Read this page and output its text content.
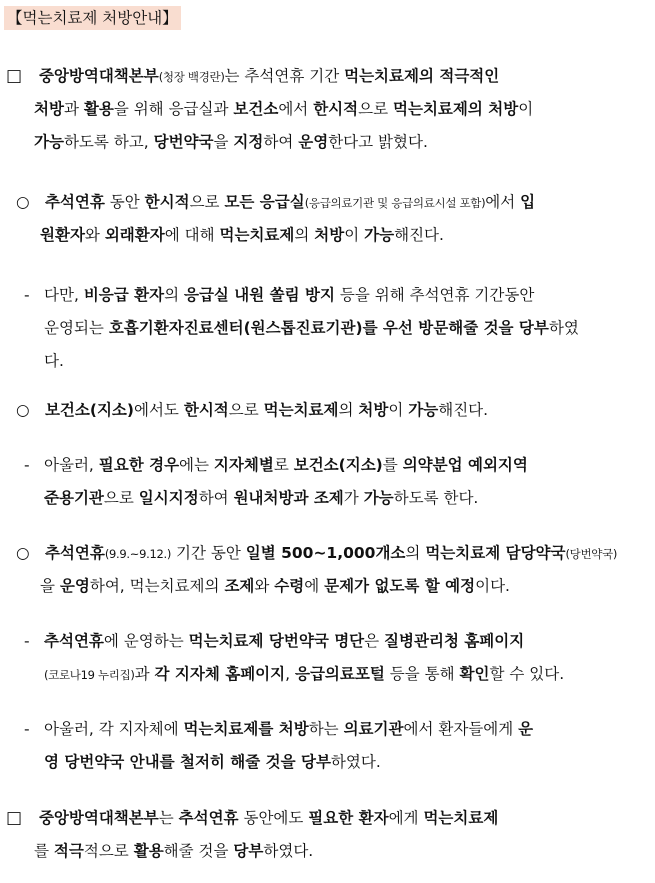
【먹는치료제 처방안내】
□ 중앙방역대책본부(청장 백경란)는 추석연휴 기간 먹는치료제의 적극적인
처방과 활용을 위해 응급실과 보건소에서 한시적으로 먹는치료제의 처방이
가능하도록 하고, 당번약국을 지정하여 운영한다고 밝혔다.
○ 추석연휴 동안 한시적으로 모든 응급실(응급의료기관 및 응급의료시설 포함)에서 입
원환자와 외래환자에 대해 먹는치료제의 처방이 가능해진다.
- 다만, 비응급 환자의 응급실 내원 쏠림 방지 등을 위해 추석연휴 기간동안
운영되는 호흡기환자진료센터(원스톱진료기관)를 우선 방문해줄 것을 당부하였
다.
○ 보건소(지소)에서도 한시적으로 먹는치료제의 처방이 가능해진다.
- 아울러, 필요한 경우에는 지자체별로 보건소(지소)를 의약분업 예외지역
준용기관으로 일시지정하여 원내처방과 조제가 가능하도록 한다.
○ 추석연휴(9.9.~9.12.) 기간 동안 일별 500~1,000개소의 먹는치료제 담당약국(당번약국)
을 운영하여, 먹는치료제의 조제와 수령에 문제가 없도록 할 예정이다.
- 추석연휴에 운영하는 먹는치료제 당번약국 명단은 질병관리청 홈페이지
(코로나19 누리집)과 각 지자체 홈페이지, 응급의료포털 등을 통해 확인할 수 있다.
- 아울러, 각 지자체에 먹는치료제를 처방하는 의료기관에서 환자들에게 운
영 당번약국 안내를 철저히 해줄 것을 당부하였다.
□ 중앙방역대책본부는 추석연휴 동안에도 필요한 환자에게 먹는치료제
를 적극적으로 활용해줄 것을 당부하였다.
